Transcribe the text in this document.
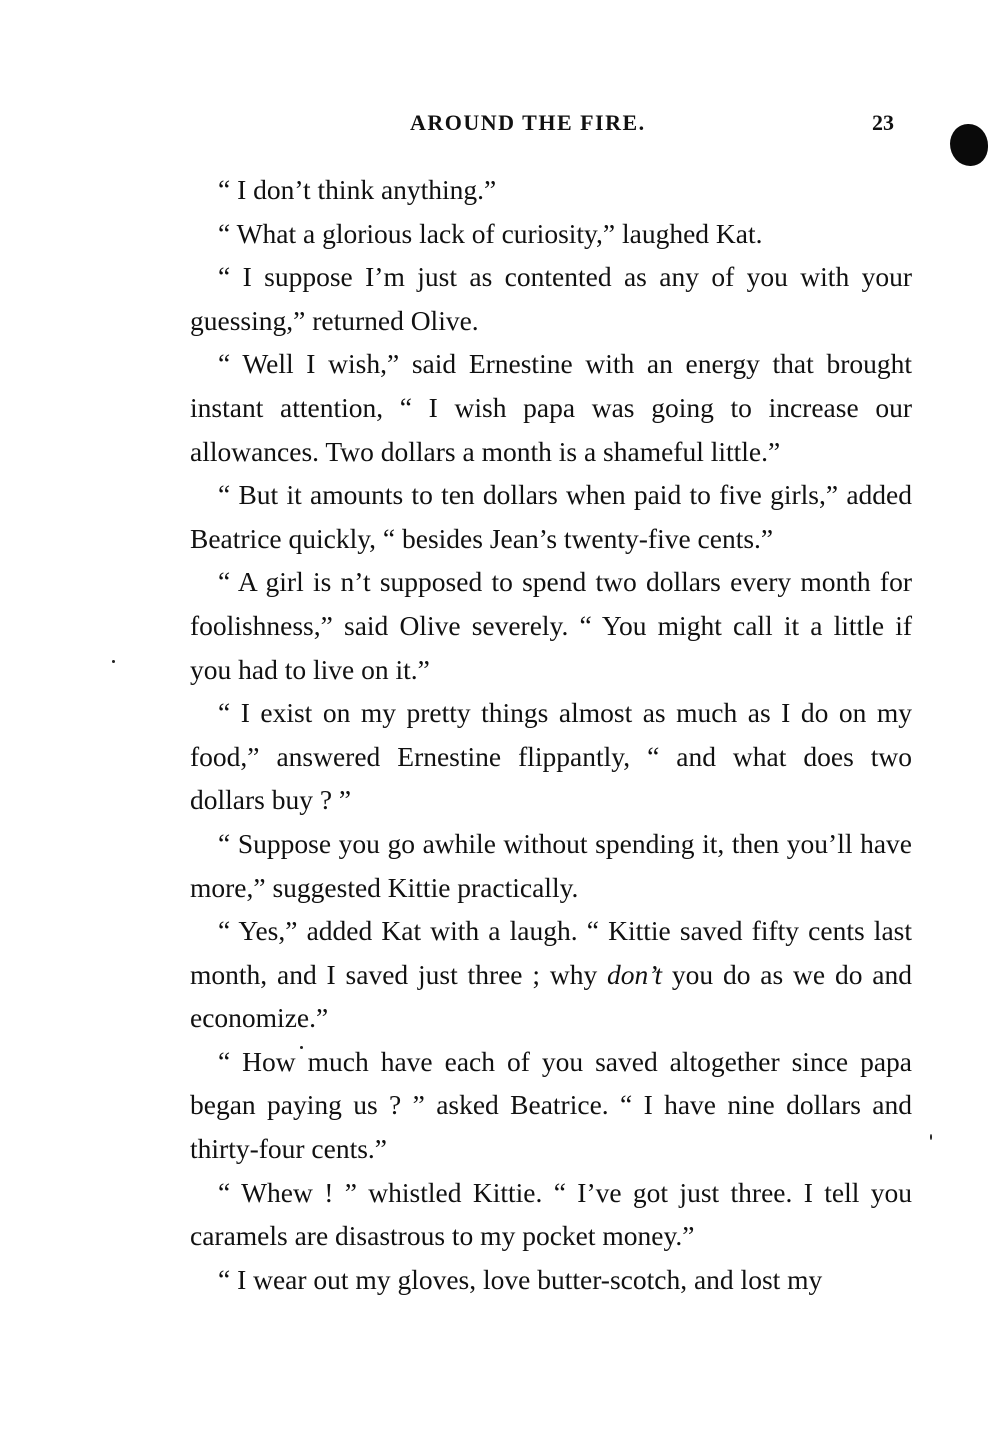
AROUND THE FIRE.	23

“ I don’t think anything.”

“ What a glorious lack of curiosity,” laughed Kat.

“ I suppose I’m just as contented as any of you with your guessing,” returned Olive.

“ Well I wish,” said Ernestine with an energy that brought instant attention, “ I wish papa was going to increase our allowances. Two dollars a month is a shameful little.”

“ But it amounts to ten dollars when paid to five girls,” added Beatrice quickly, “ besides Jean’s twenty-five cents.”

“ A girl is n’t supposed to spend two dollars every month for foolishness,” said Olive severely. “ You might call it a little if you had to live on it.”

“ I exist on my pretty things almost as much as I do on my food,” answered Ernestine flippantly, “ and what does two dollars buy ? ”

“ Suppose you go awhile without spending it, then you’ll have more,” suggested Kittie practically.

“ Yes,” added Kat with a laugh. “ Kittie saved fifty cents last month, and I saved just three ; why don’t you do as we do and economize.”

“ How much have each of you saved altogether since papa began paying us ? ” asked Beatrice. “ I have nine dollars and thirty-four cents.”

“ Whew ! ” whistled Kittie. “ I’ve got just three. I tell you caramels are disastrous to my pocket money.”

“ I wear out my gloves, love butter-scotch, and lost my
